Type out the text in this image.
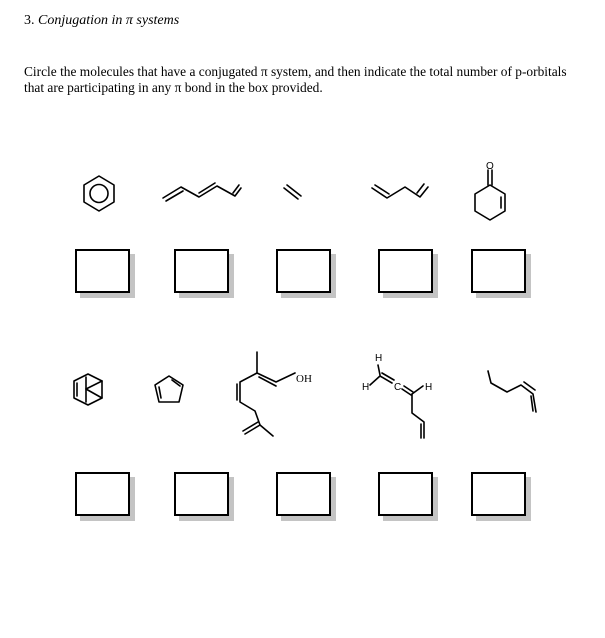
3. Conjugation in π systems
Circle the molecules that have a conjugated π system, and then indicate the total number of p-orbitals that are participating in any π bond in the box provided.
O
OH
H
H C H
